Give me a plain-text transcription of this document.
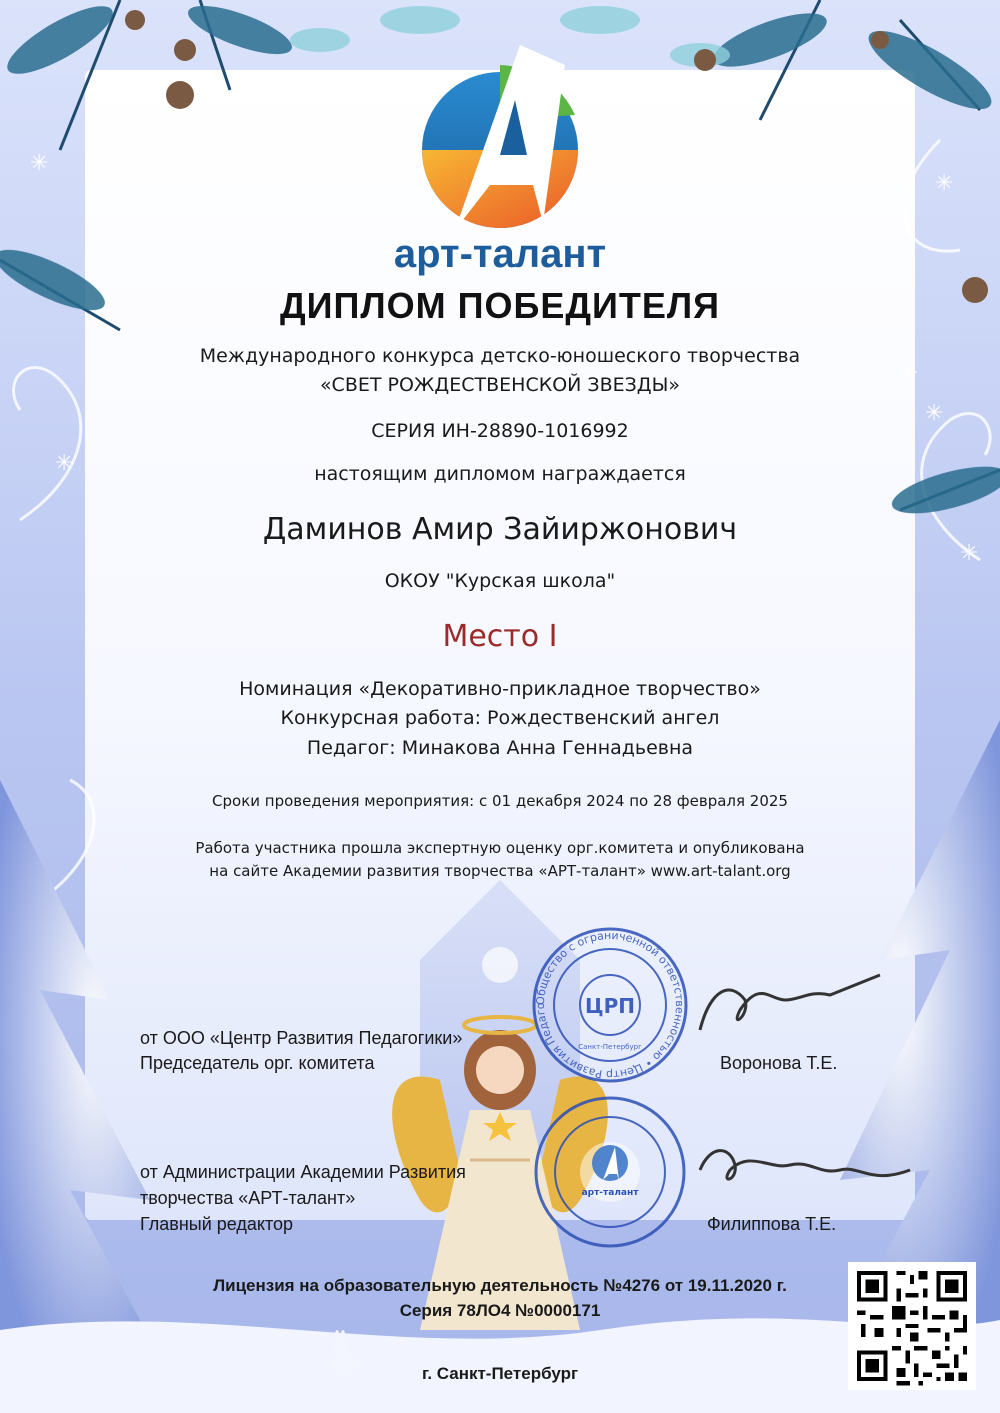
✳
✳
✳
✳
✳
✳
арт-талант
ДИПЛОМ ПОБЕДИТЕЛЯ
Международного конкурса детско-юношеского творчества
«СВЕТ РОЖДЕСТВЕНСКОЙ ЗВЕЗДЫ»
СЕРИЯ ИН-28890-1016992
настоящим дипломом награждается
Даминов Амир Зайиржонович
ОКОУ "Курская школа"
Место I
Номинация «Декоративно-прикладное творчество»
Конкурсная работа: Рождественский ангел
Педагог: Минакова Анна Геннадьевна
Сроки проведения мероприятия: с 01 декабря 2024 по 28 февраля 2025
Работа участника прошла экспертную оценку орг.комитета и опубликована
на сайте Академии развития творчества «АРТ-талант» www.art-talant.org
Общество с ограниченной ответственностью • Центр Развития Педаго	ЦРП
Санкт-Петербург
арт-талант
от ООО «Центр Развития Педагогики»
Председатель орг. комитета	Воронова Т.Е.
от Администрации Академии Развития
творчества «АРТ-талант»
Главный редактор	Филиппова Т.Е.
Лицензия на образовательную деятельность №4276 от 19.11.2020 г.
Серия 78ЛО4 №0000171
г. Санкт-Петербург
